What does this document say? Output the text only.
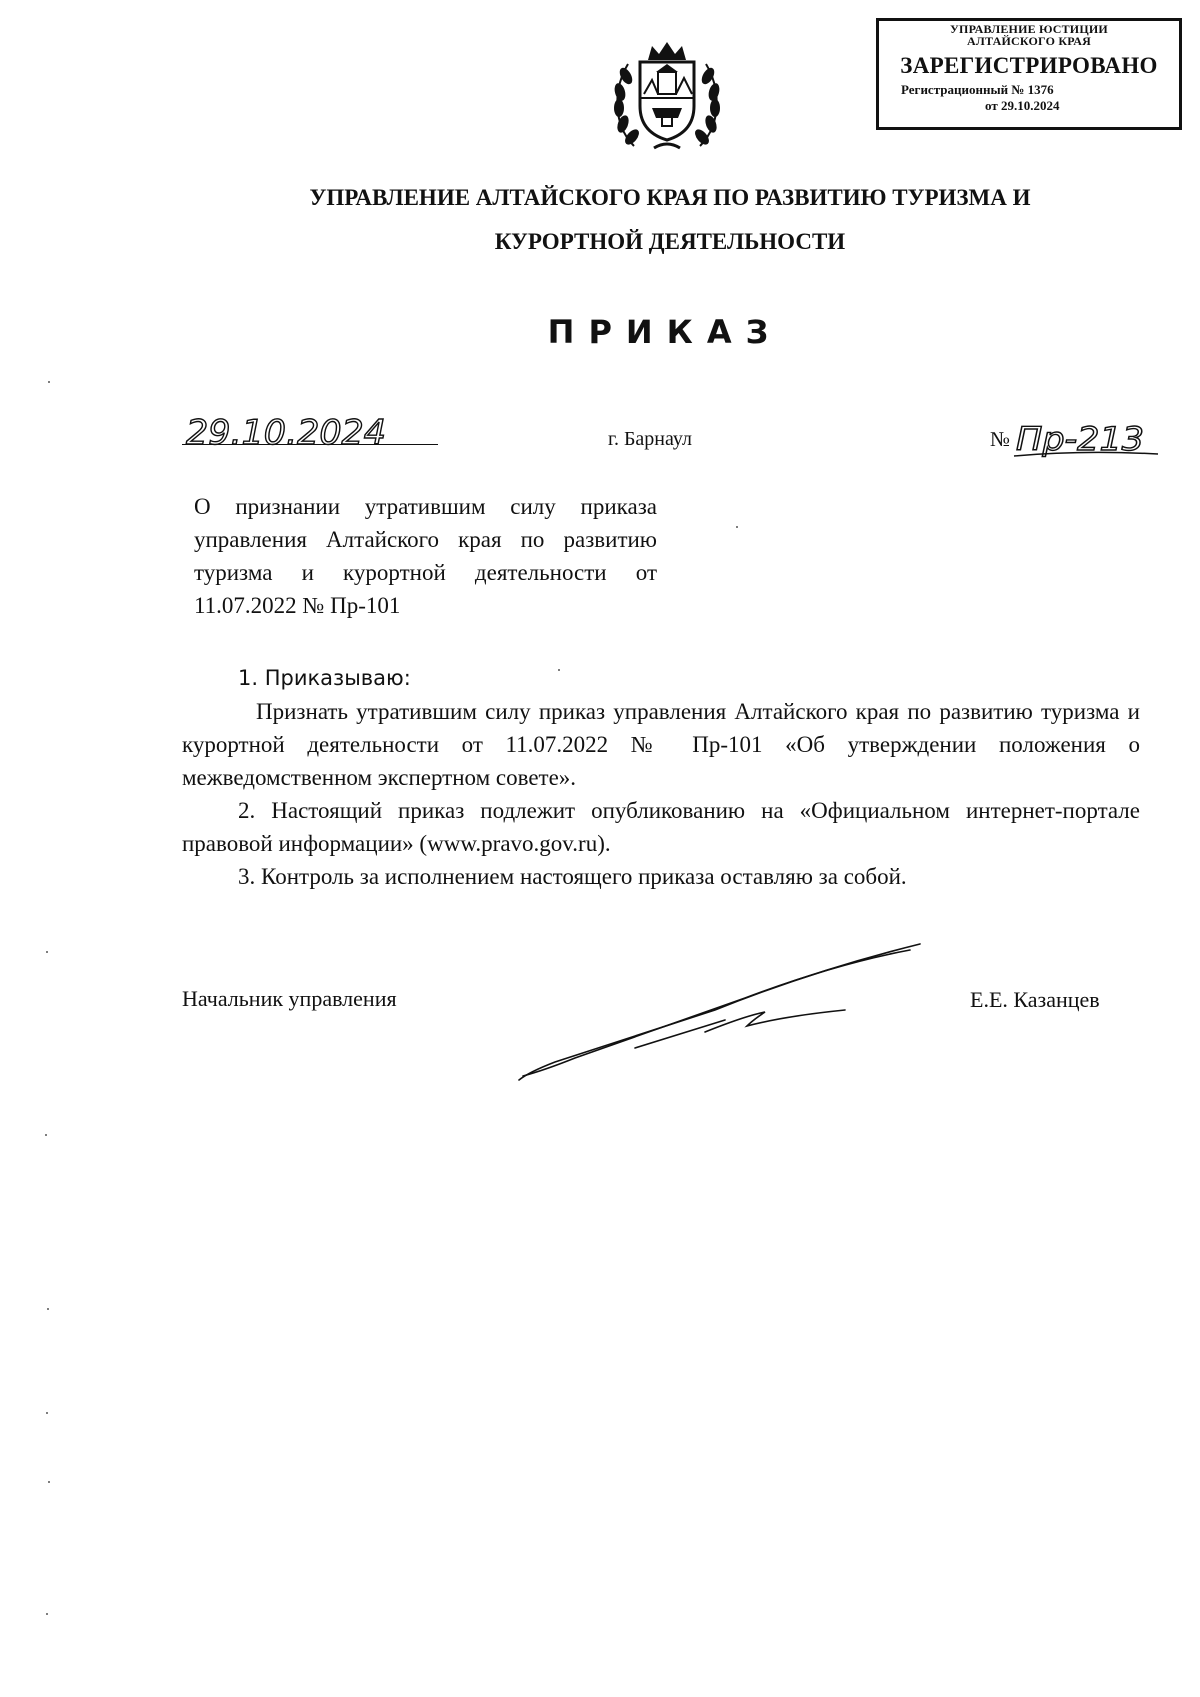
УПРАВЛЕНИЕ ЮСТИЦИИ
АЛТАЙСКОГО КРАЯ
ЗАРЕГИСТРИРОВАНО
Регистрационный № 1376
от 29.10.2024
УПРАВЛЕНИЕ АЛТАЙСКОГО КРАЯ ПО РАЗВИТИЮ ТУРИЗМА И
КУРОРТНОЙ ДЕЯТЕЛЬНОСТИ
ПРИКАЗ
29.10.2024	г. Барнаул	№ Пр-213
О признании утратившим силу приказа управления Алтайского края по развитию туризма и курортной деятельности от 11.07.2022 № Пр-101

1. Приказываю:

Признать утратившим силу приказ управления Алтайского края по развитию туризма и курортной деятельности от 11.07.2022 № Пр-101 «Об утверждении положения о межведомственном экспертном совете».

2. Настоящий приказ подлежит опубликованию на «Официальном интернет-портале правовой информации» (www.pravo.gov.ru).

3. Контроль за исполнением настоящего приказа оставляю за собой.

Начальник управления	Е.Е. Казанцев
